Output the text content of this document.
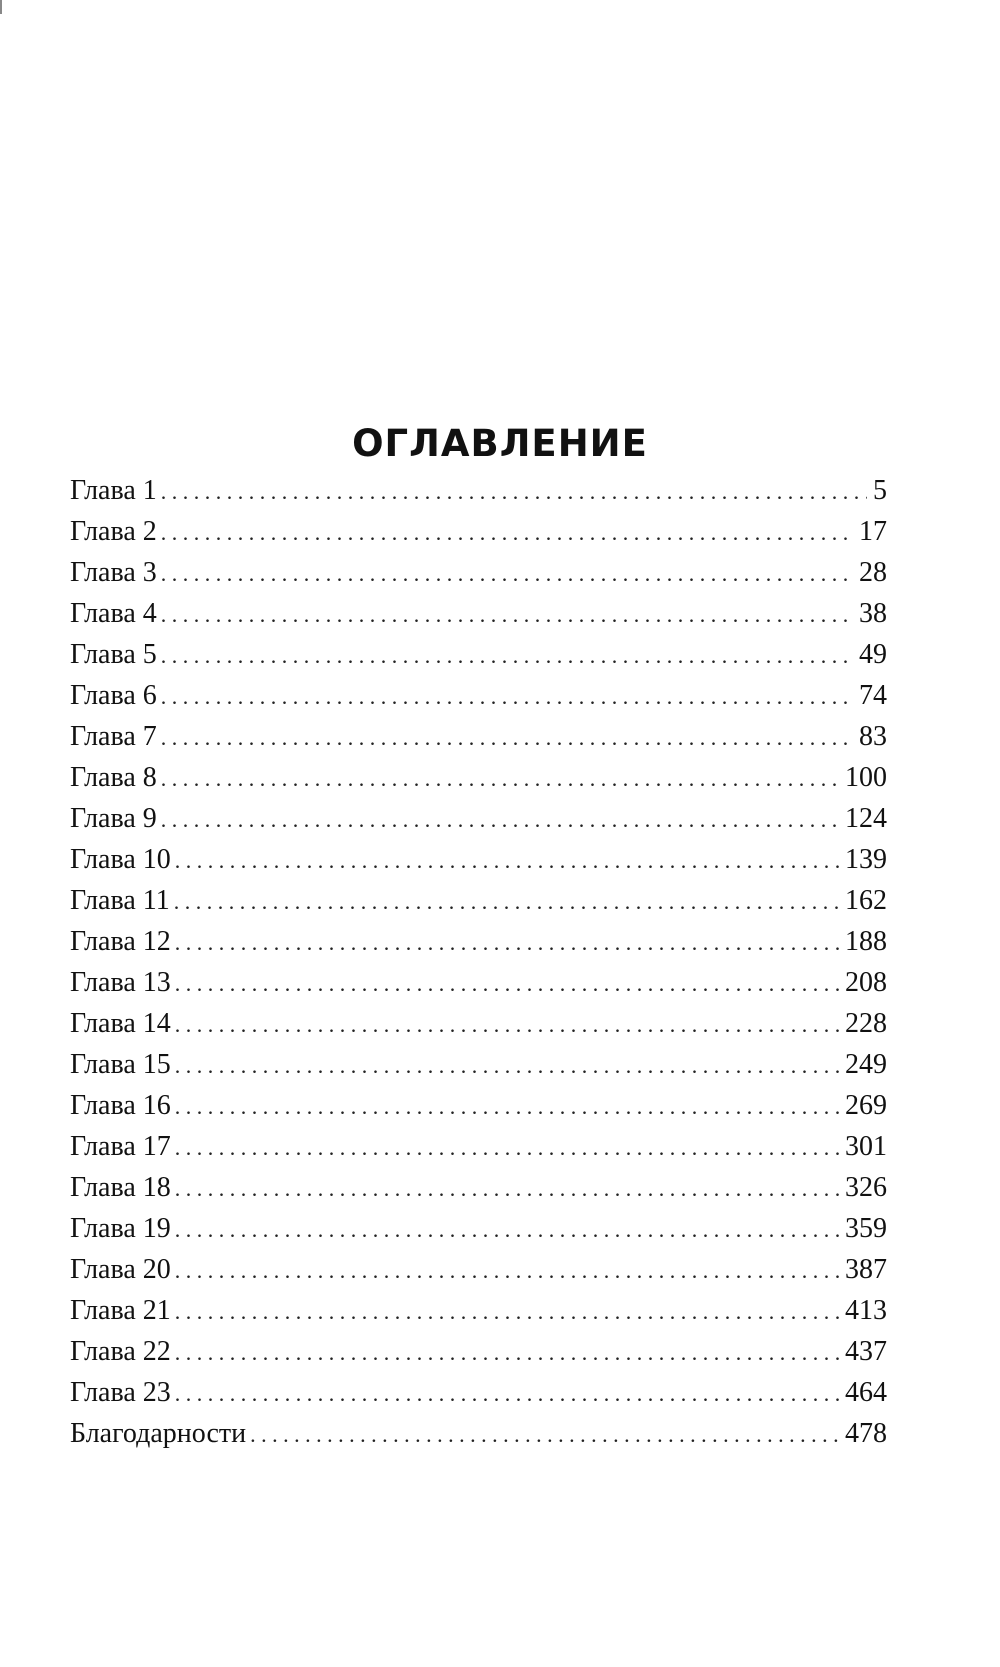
ОГЛАВЛЕНИЕ
Глава 1 . . .	5
Глава 2 . . .	17
Глава 3 . . .	28
Глава 4 . . .	38
Глава 5 . . .	49
Глава 6 . . .	74
Глава 7 . . .	83
Глава 8 . . .	100
Глава 9 . . .	124
Глава 10 . . .	139
Глава 11 . . .	162
Глава 12 . . .	188
Глава 13 . . .	208
Глава 14 . . .	228
Глава 15 . . .	249
Глава 16 . . .	269
Глава 17 . . .	301
Глава 18 . . .	326
Глава 19 . . .	359
Глава 20 . . .	387
Глава 21 . . .	413
Глава 22 . . .	437
Глава 23 . . .	464
Благодарности . . .	478
